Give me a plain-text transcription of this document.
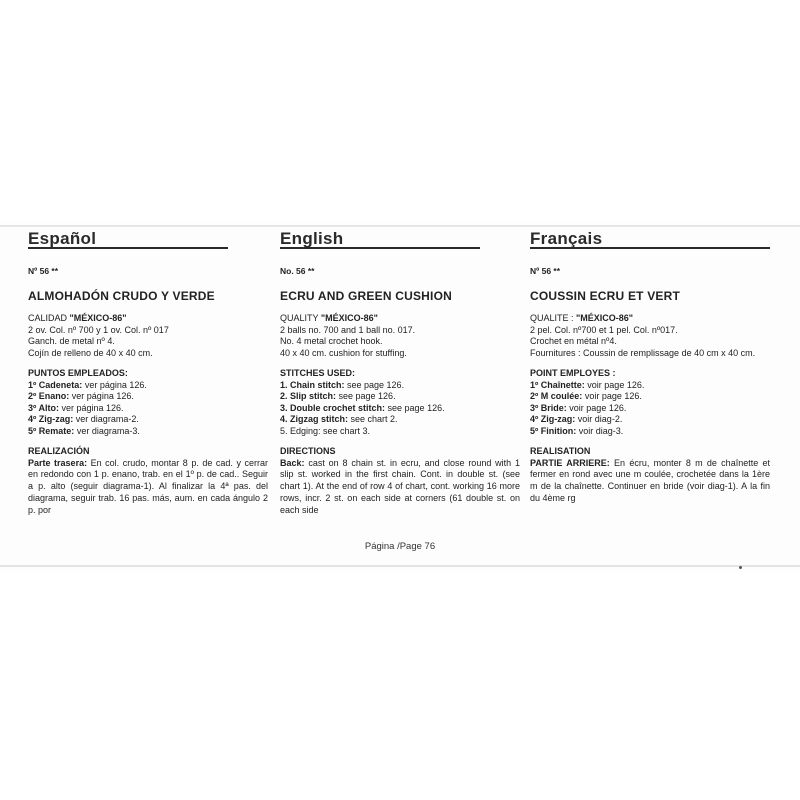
Español
Nº 56 **
ALMOHADÓN CRUDO Y VERDE
CALIDAD "MÉXICO-86"
2 ov. Col. nº 700 y 1 ov. Col. nº 017
Ganch. de metal nº 4.
Cojín de relleno de 40 x 40 cm.
PUNTOS EMPLEADOS:
1º Cadeneta: ver página 126.
2º Enano: ver página 126.
3º Alto: ver página 126.
4º Zig-zag: ver diagrama-2.
5º Remate: ver diagrama-3.
REALIZACIÓN
Parte trasera: En col. crudo, montar 8 p. de cad. y cerrar en redondo con 1 p. enano, trab. en el 1º p. de cad.. Seguir a p. alto (seguir diagrama-1). Al finalizar la 4ª pas. del diagrama, seguir trab. 16 pas. más, aum. en cada ángulo 2 p. por
English
No. 56 **
ECRU AND GREEN CUSHION
QUALITY "MÉXICO-86"
2 balls no. 700 and 1 ball no. 017.
No. 4 metal crochet hook.
40 x 40 cm. cushion for stuffing.
STITCHES USED:
1. Chain stitch: see page 126.
2. Slip stitch: see page 126.
3. Double crochet stitch: see page 126.
4. Zigzag stitch: see chart 2.
5. Edging: see chart 3.
DIRECTIONS
Back: cast on 8 chain st. in ecru, and close round with 1 slip st. worked in the first chain. Cont. in double st. (see chart 1). At the end of row 4 of chart, cont. working 16 more rows, incr. 2 st. on each side at corners (61 double st. on each side
Français
Nº 56 **
COUSSIN ECRU ET VERT
QUALITE : "MÉXICO-86"
2 pel. Col. nº700 et 1 pel. Col. nº017.
Crochet en métal nº4.
Fournitures : Coussin de remplissage de 40 cm x 40 cm.
POINT EMPLOYES :
1º Chaînette: voir page 126.
2º M coulée: voir page 126.
3º Bride: voir page 126.
4º Zig-zag: voir diag-2.
5º Finition: voir diag-3.
REALISATION
PARTIE ARRIERE: En écru, monter 8 m de chaînette et fermer en rond avec une m coulée, crochetée dans la 1ère m de la chaînette. Continuer en bride (voir diag-1). A la fin du 4ème rg
Página /Page 76
